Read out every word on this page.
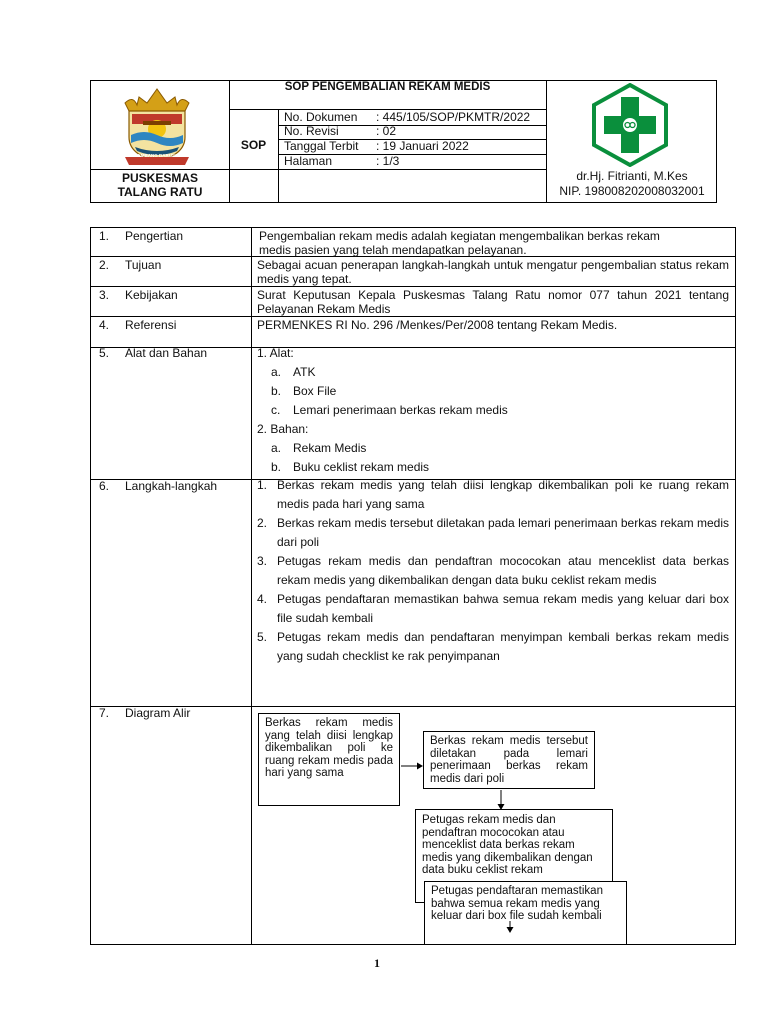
PALEMBANG DARUSSALAM
PUSKESMAS
TALANG RATU
SOP PENGEMBALIAN REKAM MEDIS
SOP
No. Dokumen : 445/105/SOP/PKMTR/2022
No. Revisi	: 02
Tanggal Terbit : 19 Januari 2022
Halaman	: 1/3
dr.Hj. Fitrianti, M.Kes
NIP. 198008202008032001
1. Pengertian	Pengembalian rekam medis adalah kegiatan mengembalikan berkas rekam medis pasien yang telah mendapatkan pelayanan.
2. Tujuan	Sebagai acuan penerapan langkah-langkah untuk mengatur pengembalian status rekam medis yang tepat.
3. Kebijakan	Surat Keputusan Kepala Puskesmas Talang Ratu nomor 077 tahun 2021 tentang Pelayanan Rekam Medis
4. Referensi	PERMENKES RI No. 296 /Menkes/Per/2008 tentang Rekam Medis.
5. Alat dan Bahan	1. Alat:
a. ATK
b. Box File
c. Lemari penerimaan berkas rekam medis
2. Bahan:
a. Rekam Medis
b. Buku ceklist rekam medis
6. Langkah-langkah	1. Berkas rekam medis yang telah diisi lengkap dikembalikan poli ke ruang rekam medis pada hari yang sama
2. Berkas rekam medis tersebut diletakan pada lemari penerimaan berkas rekam medis dari poli
3. Petugas rekam medis dan pendaftran mococokan atau menceklist data berkas rekam medis yang dikembalikan dengan data buku ceklist rekam medis
4. Petugas pendaftaran memastikan bahwa semua rekam medis yang keluar dari box file sudah kembali
5. Petugas rekam medis dan pendaftaran menyimpan kembali berkas rekam medis yang sudah checklist ke rak penyimpanan
7. Diagram Alir
Berkas rekam medis yang telah diisi lengkap dikembalikan poli ke ruang rekam medis pada hari yang sama
Berkas rekam medis tersebut diletakan pada lemari penerimaan berkas rekam medis dari poli
Petugas rekam medis dan pendaftran mococokan atau menceklist data berkas rekam medis yang dikembalikan dengan data buku ceklist rekam
Petugas pendaftaran memastikan bahwa semua rekam medis yang keluar dari box file sudah kembali
1
